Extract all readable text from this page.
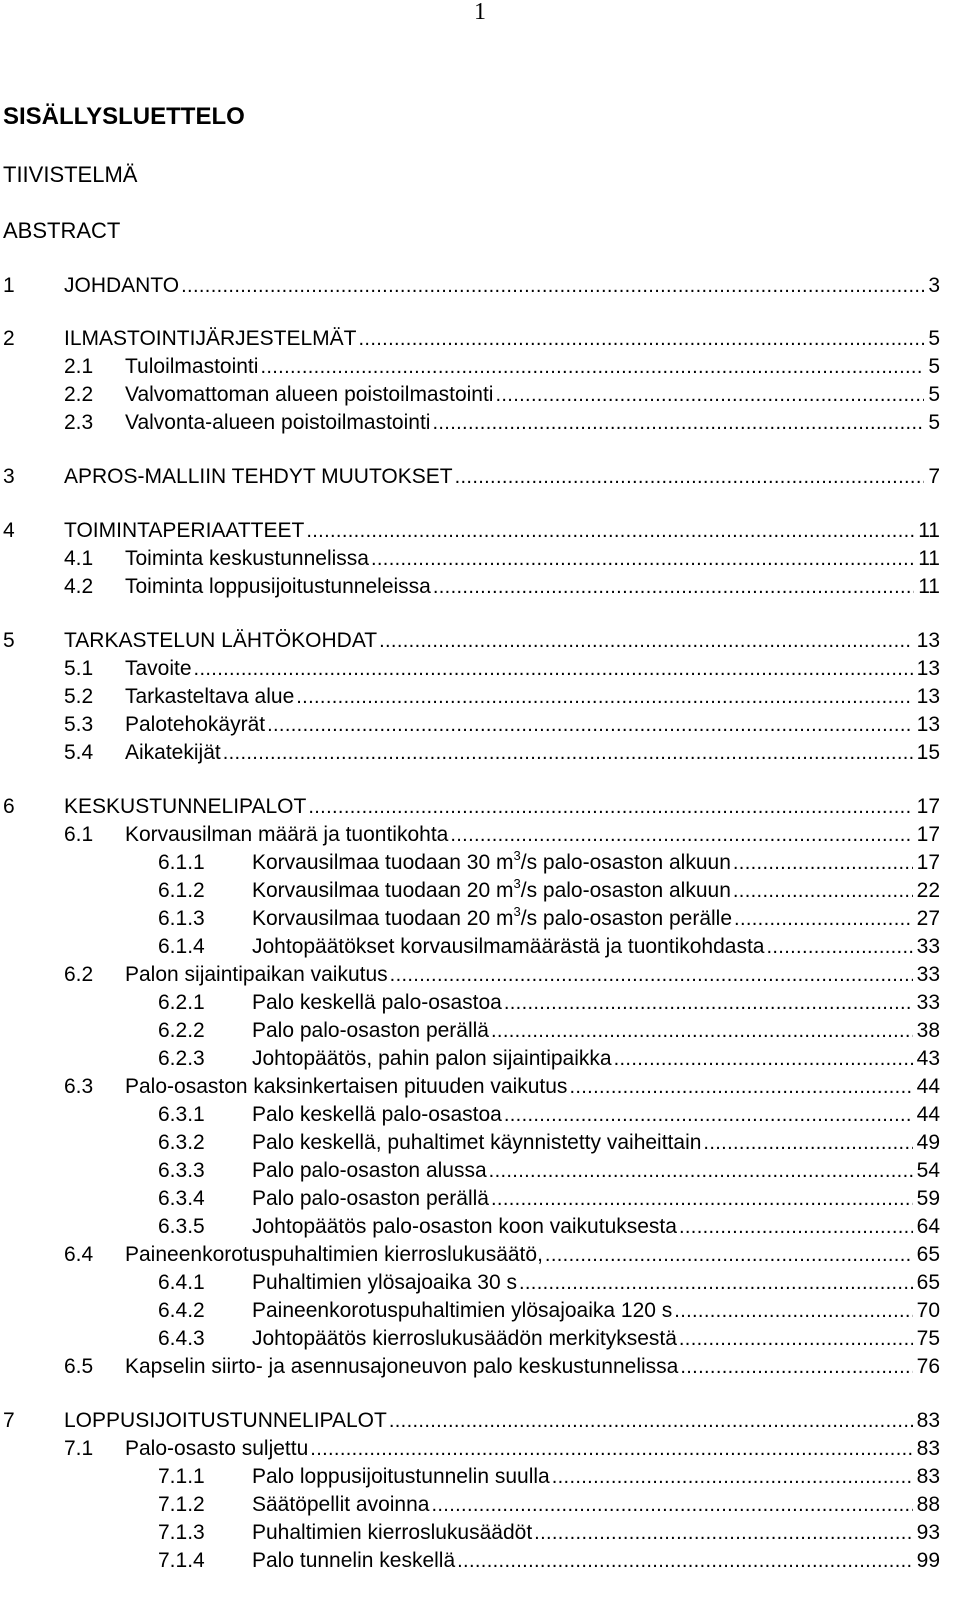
1
SISÄLLYSLUETTELO
TIIVISTELMÄ
ABSTRACT
1	JOHDANTO . . .	3
2	ILMASTOINTIJÄRJESTELMÄT . . .	5
2.1	Tuloilmastointi . . .	5
2.2	Valvomattoman alueen poistoilmastointi . . .	5
2.3	Valvonta-alueen poistoilmastointi . . .	5
3	APROS-MALLIIN TEHDYT MUUTOKSET . . .	7
4	TOIMINTAPERIAATTEET . . .	11
4.1	Toiminta keskustunnelissa . . .	11
4.2	Toiminta loppusijoitustunneleissa . . .	11
5	TARKASTELUN LÄHTÖKOHDAT . . .	13
5.1	Tavoite . . .	13
5.2	Tarkasteltava alue . . .	13
5.3	Palotehokäyrät . . .	13
5.4	Aikatekijät . . .	15
6	KESKUSTUNNELIPALOT . . .	17
6.1	Korvausilman määrä ja tuontikohta . . .	17
6.1.1	Korvausilmaa tuodaan 30 $m^3/s$ palo-osaston alkuun . . .	17
6.1.2	Korvausilmaa tuodaan 20 $m^3/s$ palo-osaston alkuun . . .	22
6.1.3	Korvausilmaa tuodaan 20 $m^3/s$ palo-osaston perälle . . .	27
6.1.4	Johtopäätökset korvausilmamäärästä ja tuontikohdasta . . .	33
6.2	Palon sijaintipaikan vaikutus . . .	33
6.2.1	Palo keskellä palo-osastoa . . .	33
6.2.2	Palo palo-osaston perällä . . .	38
6.2.3	Johtopäätös, pahin palon sijaintipaikka . . .	43
6.3	Palo-osaston kaksinkertaisen pituuden vaikutus . . .	44
6.3.1	Palo keskellä palo-osastoa . . .	44
6.3.2	Palo keskellä, puhaltimet käynnistetty vaiheittain . . .	49
6.3.3	Palo palo-osaston alussa . . .	54
6.3.4	Palo palo-osaston perällä . . .	59
6.3.5	Johtopäätös palo-osaston koon vaikutuksesta . . .	64
6.4	Paineenkorotuspuhaltimien kierroslukusäätö, . . .	65
6.4.1	Puhaltimien ylösajoaika 30 s . . .	65
6.4.2	Paineenkorotuspuhaltimien ylösajoaika 120 s . . .	70
6.4.3	Johtopäätös kierroslukusäädön merkityksestä . . .	75
6.5	Kapselin siirto- ja asennusajoneuvon palo keskustunnelissa . . .	76
7	LOPPUSIJOITUSTUNNELIPALOT . . .	83
7.1	Palo-osasto suljettu . . .	83
7.1.1	Palo loppusijoitustunnelin suulla . . .	83
7.1.2	Säätöpellit avoinna . . .	88
7.1.3	Puhaltimien kierroslukusäädöt . . .	93
7.1.4	Palo tunnelin keskellä . . .	99
